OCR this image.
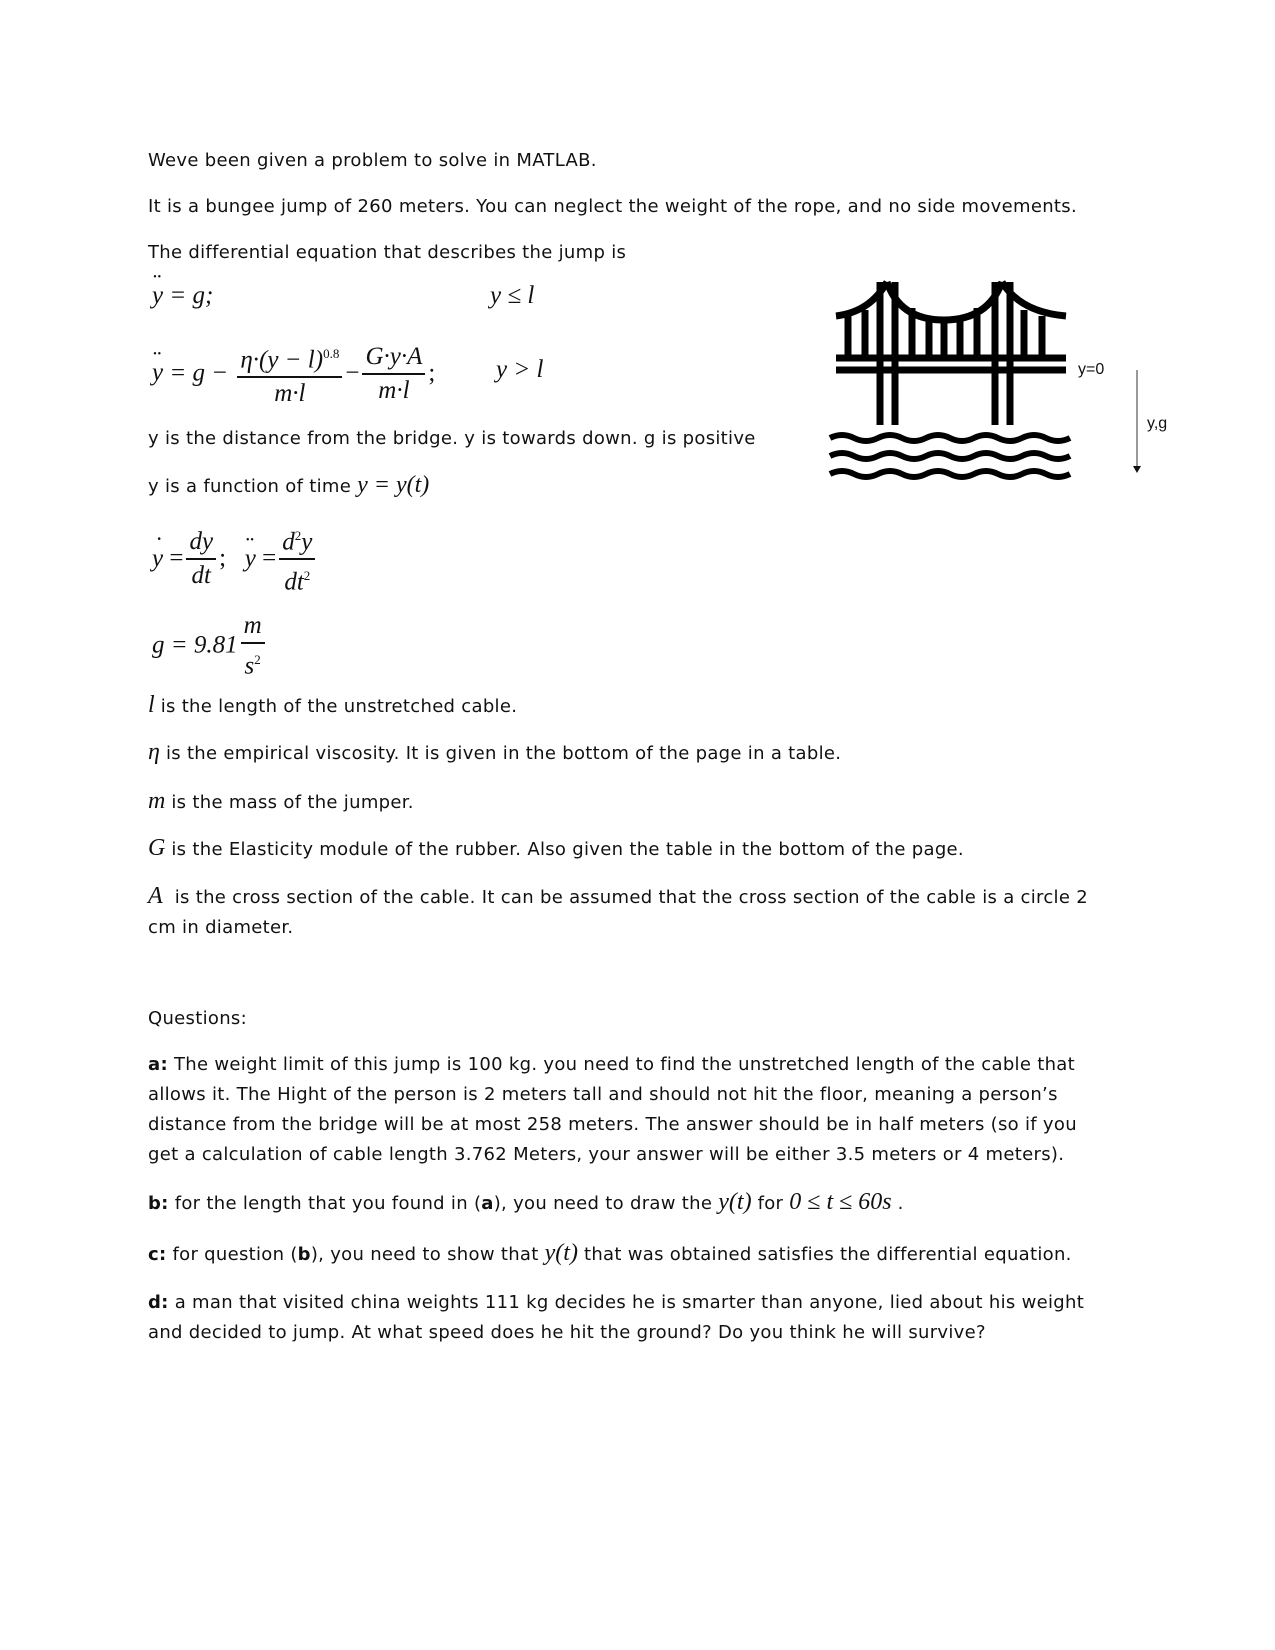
Weve been given a problem to solve in MATLAB.
It is a bungee jump of 260 meters. You can neglect the weight of the rope, and no side movements.
The differential equation that describes the jump is
¨ y = g;	y ≤ l
¨ $y = g - \frac{\eta\cdot(y - l)^{0.8}}{m\cdot l} - \frac{G\cdot y\cdot A}{m\cdot l}$ ; y > l
y is the distance from the bridge. y is towards down. g is positive
y is a function of time y = y(t)
˙ $y = \frac{dy}{dt}$ ; ¨ $y = \frac{d^2y}{dt^2}$
$g = 9.81 \frac{m}{s^2}$
l is the length of the unstretched cable.
η is the empirical viscosity. It is given in the bottom of the page in a table.
m is the mass of the jumper.
G is the Elasticity module of the rubber. Also given the table in the bottom of the page.
A is the cross section of the cable. It can be assumed that the cross section of the cable is a circle 2 cm in diameter.
Questions:
a: The weight limit of this jump is 100 kg. you need to find the unstretched length of the cable that allows it. The Hight of the person is 2 meters tall and should not hit the floor, meaning a person’s distance from the bridge will be at most 258 meters. The answer should be in half meters (so if you get a calculation of cable length 3.762 Meters, your answer will be either 3.5 meters or 4 meters).
b: for the length that you found in (a), you need to draw the y(t) for 0 ≤ t ≤ 60s .
c: for question (b), you need to show that y(t) that was obtained satisfies the differential equation.
d: a man that visited china weights 111 kg decides he is smarter than anyone, lied about his weight and decided to jump. At what speed does he hit the ground? Do you think he will survive?
y=0
y,g
